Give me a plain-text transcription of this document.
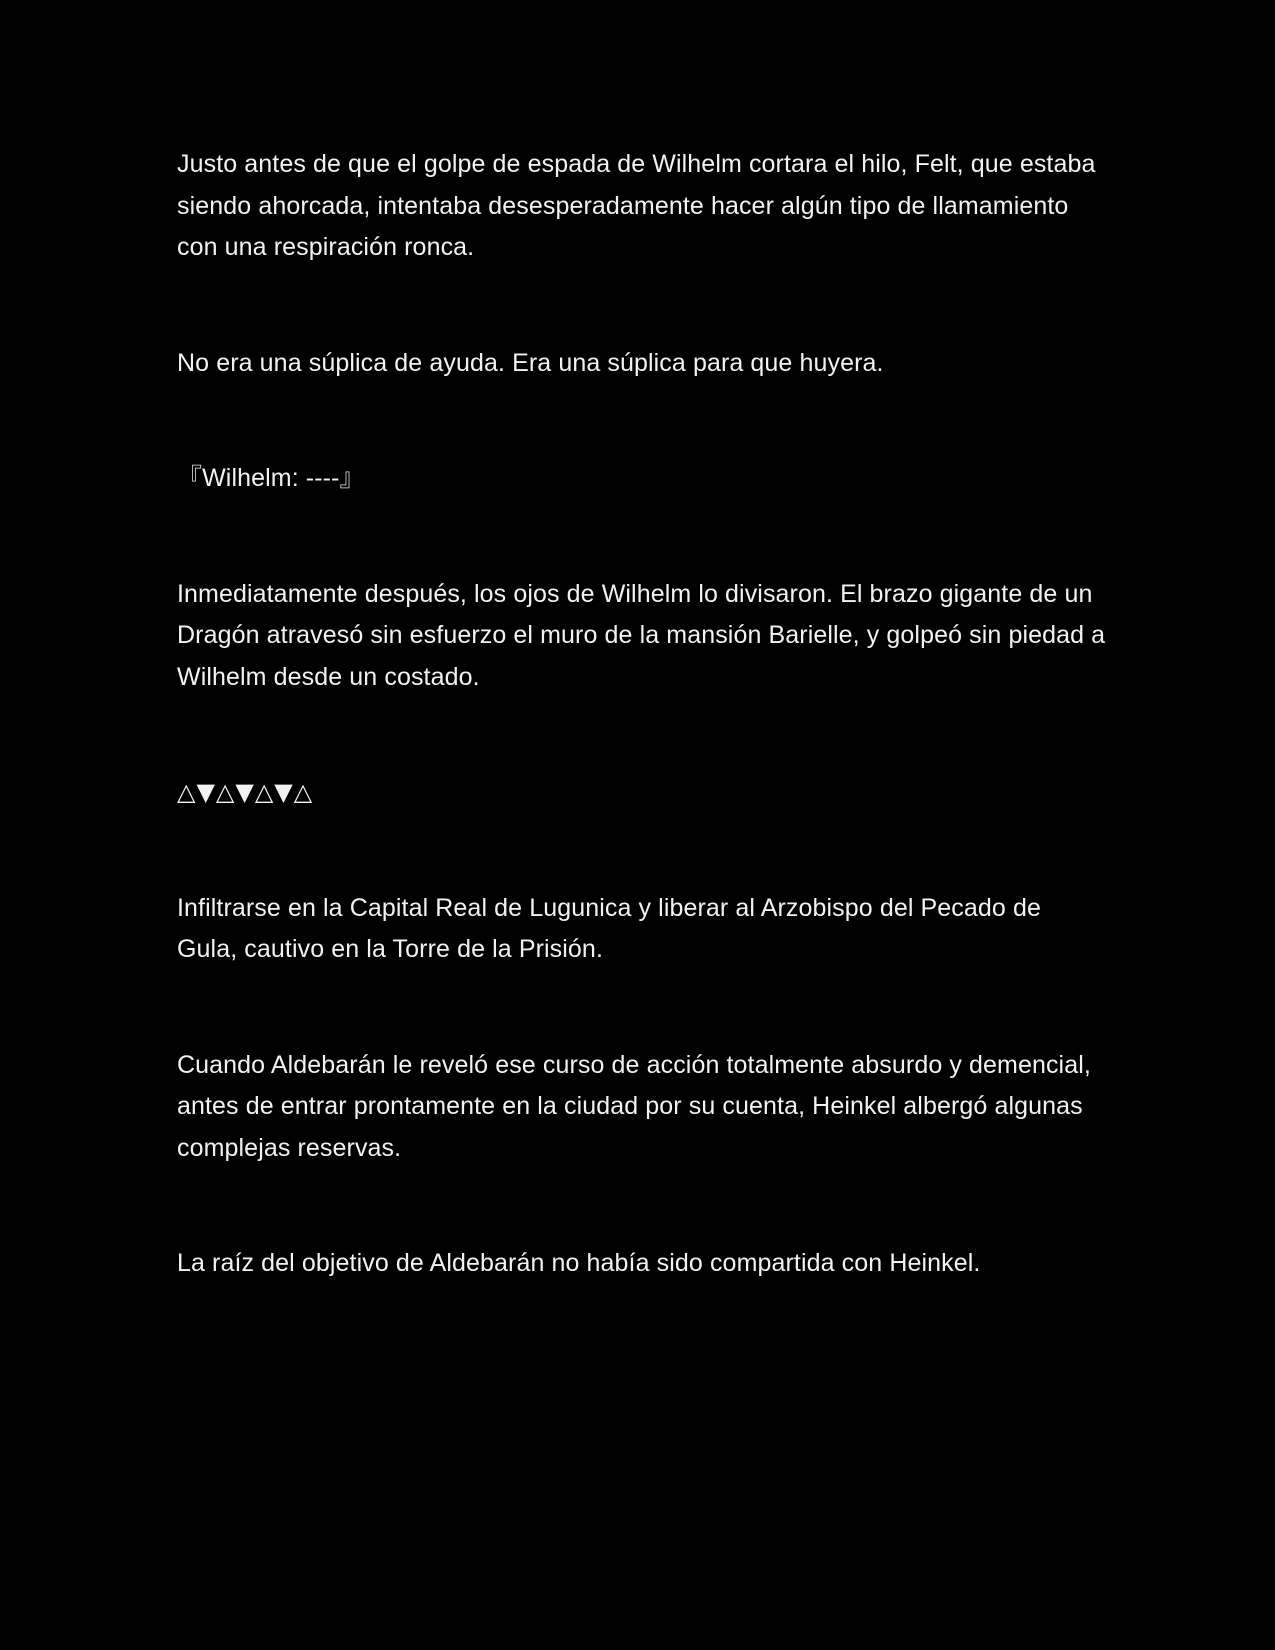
Justo antes de que el golpe de espada de Wilhelm cortara el hilo, Felt, que estaba siendo ahorcada, intentaba desesperadamente hacer algún tipo de llamamiento con una respiración ronca.

No era una súplica de ayuda. Era una súplica para que huyera.

『Wilhelm: ----』

Inmediatamente después, los ojos de Wilhelm lo divisaron. El brazo gigante de un Dragón atravesó sin esfuerzo el muro de la mansión Barielle, y golpeó sin piedad a Wilhelm desde un costado.

△▼△▼△▼△

Infiltrarse en la Capital Real de Lugunica y liberar al Arzobispo del Pecado de Gula, cautivo en la Torre de la Prisión.

Cuando Aldebarán le reveló ese curso de acción totalmente absurdo y demencial, antes de entrar prontamente en la ciudad por su cuenta, Heinkel albergó algunas complejas reservas.

La raíz del objetivo de Aldebarán no había sido compartida con Heinkel.
